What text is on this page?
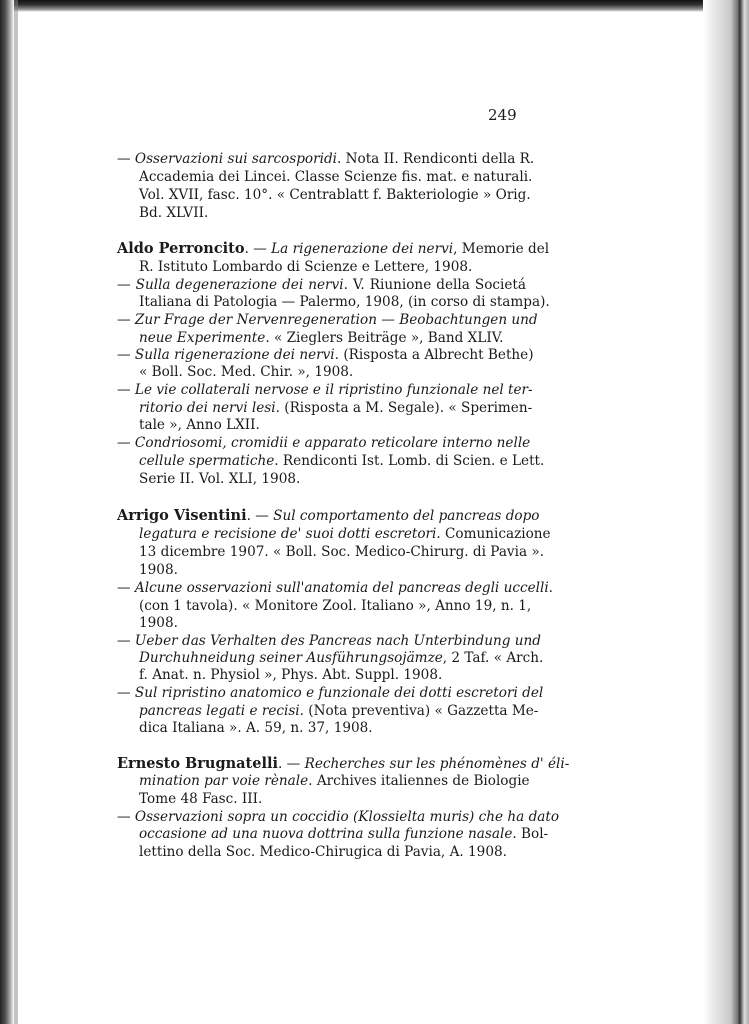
249
— Osservazioni sui sarcosporidi. Nota II. Rendiconti della R.
Accademia dei Lincei. Classe Scienze fis. mat. e naturali.
Vol. XVII, fasc. 10°. « Centrablatt f. Bakteriologie » Orig.
Bd. XLVII.
Aldo Perroncito. — La rigenerazione dei nervi, Memorie del
R. Istituto Lombardo di Scienze e Lettere, 1908.
— Sulla degenerazione dei nervi. V. Riunione della Societá
Italiana di Patologia — Palermo, 1908, (in corso di stampa).
— Zur Frage der Nervenregeneration — Beobachtungen und
neue Experimente. « Zieglers Beiträge », Band XLIV.
— Sulla rigenerazione dei nervi. (Risposta a Albrecht Bethe)
« Boll. Soc. Med. Chir. », 1908.
— Le vie collaterali nervose e il ripristino funzionale nel ter-
ritorio dei nervi lesi. (Risposta a M. Segale). « Sperimen-
tale », Anno LXII.
— Condriosomi, cromidii e apparato reticolare interno nelle
cellule spermatiche. Rendiconti Ist. Lomb. di Scien. e Lett.
Serie II. Vol. XLI, 1908.
Arrigo Visentini. — Sul comportamento del pancreas dopo
legatura e recisione de' suoi dotti escretori. Comunicazione
13 dicembre 1907. « Boll. Soc. Medico-Chirurg. di Pavia ».
1908.
— Alcune osservazioni sull'anatomia del pancreas degli uccelli.
(con 1 tavola). « Monitore Zool. Italiano », Anno 19, n. 1,
1908.
— Ueber das Verhalten des Pancreas nach Unterbindung und
Durchuhneidung seiner Ausführungsojämze, 2 Taf. « Arch.
f. Anat. n. Physiol », Phys. Abt. Suppl. 1908.
— Sul ripristino anatomico e funzionale dei dotti escretori del
pancreas legati e recisi. (Nota preventiva) « Gazzetta Me-
dica Italiana ». A. 59, n. 37, 1908.
Ernesto Brugnatelli. — Recherches sur les phénomènes d' éli-
mination par voie rènale. Archives italiennes de Biologie
Tome 48 Fasc. III.
— Osservazioni sopra un coccidio (Klossielta muris) che ha dato
occasione ad una nuova dottrina sulla funzione nasale. Bol-
lettino della Soc. Medico-Chirugica di Pavia, A. 1908.
